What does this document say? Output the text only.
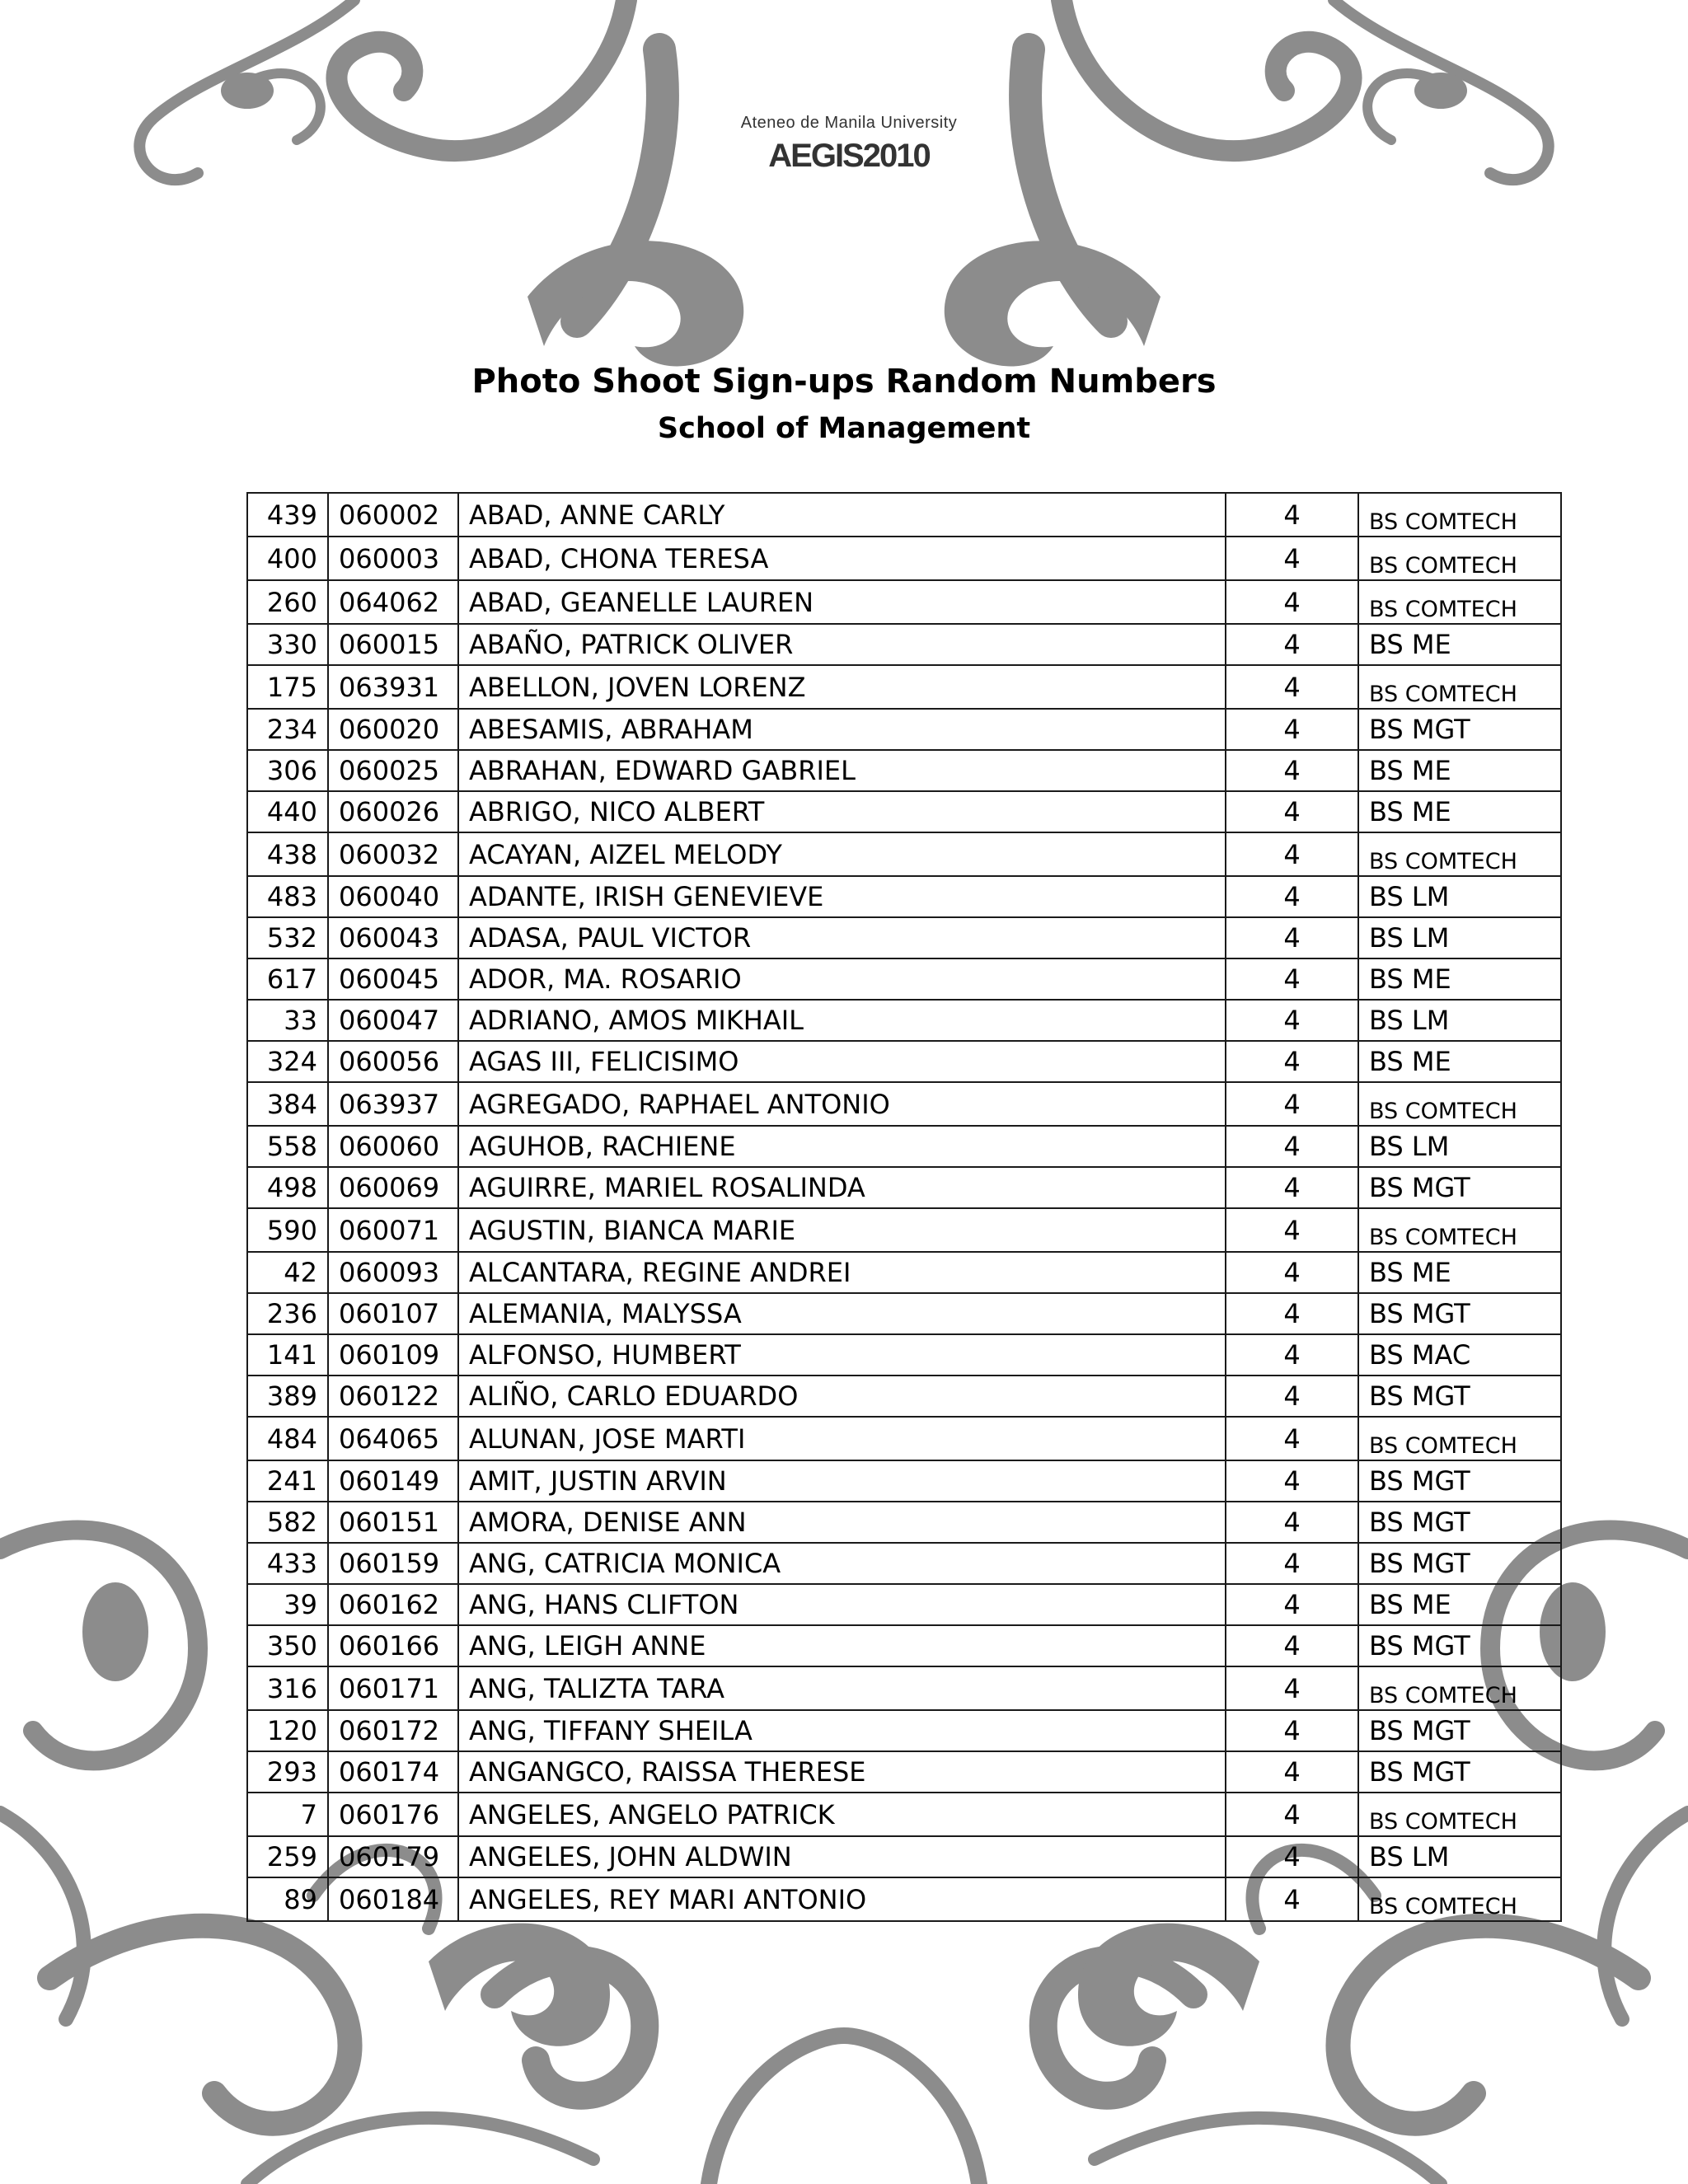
Ateneo de Manila University
AEGIS2010
Photo Shoot Sign-ups Random Numbers
School of Management
439	060002	ABAD, ANNE CARLY	4	BS COMTECH
400	060003	ABAD, CHONA TERESA	4	BS COMTECH
260	064062	ABAD, GEANELLE LAUREN	4	BS COMTECH
330	060015	ABAÑO, PATRICK OLIVER	4	BS ME
175	063931	ABELLON, JOVEN LORENZ	4	BS COMTECH
234	060020	ABESAMIS, ABRAHAM	4	BS MGT
306	060025	ABRAHAN, EDWARD GABRIEL	4	BS ME
440	060026	ABRIGO, NICO ALBERT	4	BS ME
438	060032	ACAYAN, AIZEL MELODY	4	BS COMTECH
483	060040	ADANTE, IRISH GENEVIEVE	4	BS LM
532	060043	ADASA, PAUL VICTOR	4	BS LM
617	060045	ADOR, MA. ROSARIO	4	BS ME
33	060047	ADRIANO, AMOS MIKHAIL	4	BS LM
324	060056	AGAS III, FELICISIMO	4	BS ME
384	063937	AGREGADO, RAPHAEL ANTONIO	4	BS COMTECH
558	060060	AGUHOB, RACHIENE	4	BS LM
498	060069	AGUIRRE, MARIEL ROSALINDA	4	BS MGT
590	060071	AGUSTIN, BIANCA MARIE	4	BS COMTECH
42	060093	ALCANTARA, REGINE ANDREI	4	BS ME
236	060107	ALEMANIA, MALYSSA	4	BS MGT
141	060109	ALFONSO, HUMBERT	4	BS MAC
389	060122	ALIÑO, CARLO EDUARDO	4	BS MGT
484	064065	ALUNAN, JOSE MARTI	4	BS COMTECH
241	060149	AMIT, JUSTIN ARVIN	4	BS MGT
582	060151	AMORA, DENISE ANN	4	BS MGT
433	060159	ANG, CATRICIA MONICA	4	BS MGT
39	060162	ANG, HANS CLIFTON	4	BS ME
350	060166	ANG, LEIGH ANNE	4	BS MGT
316	060171	ANG, TALIZTA TARA	4	BS COMTECH
120	060172	ANG, TIFFANY SHEILA	4	BS MGT
293	060174	ANGANGCO, RAISSA THERESE	4	BS MGT
7	060176	ANGELES, ANGELO PATRICK	4	BS COMTECH
259	060179	ANGELES, JOHN ALDWIN	4	BS LM
89	060184	ANGELES, REY MARI ANTONIO	4	BS COMTECH
